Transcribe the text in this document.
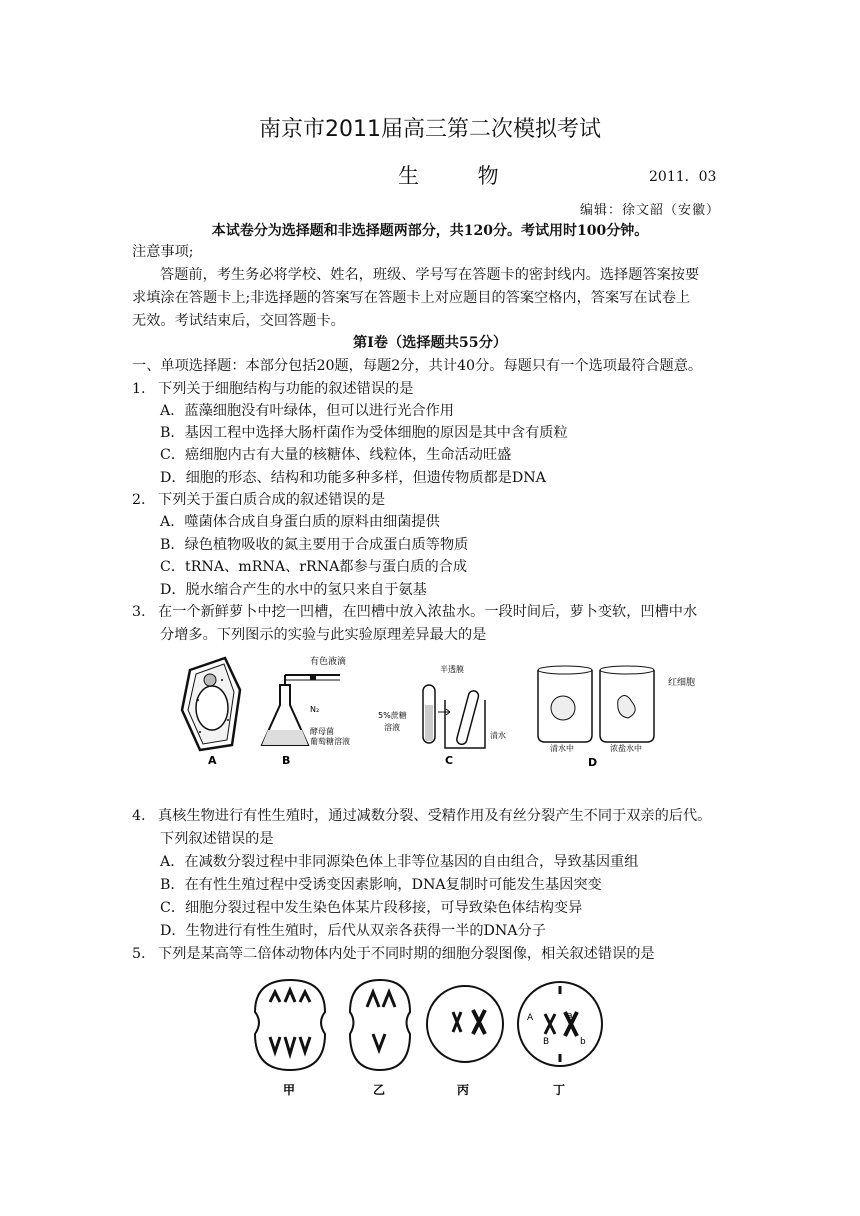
南京市2011届高三第二次模拟考试
生 物	2011．03
编辑：徐文韶（安徽）
本试卷分为选择题和非选择题两部分，共120分。考试用时100分钟。
注意事项;
答题前，考生务必将学校、姓名，班级、学号写在答题卡的密封线内。选择题答案按要
求填涂在答题卡上;非选择题的答案写在答题卡上对应题目的答案空格内，答案写在试卷上
无效。考试结束后，交回答题卡。
第Ⅰ卷（选择题共55分）
一、单项选择题：本部分包括20题，每题2分，共计40分。每题只有一个选项最符合题意。
1. 下列关于细胞结构与功能的叙述错误的是
A．蓝藻细胞没有叶绿体，但可以进行光合作用
B．基因工程中选择大肠杆菌作为受体细胞的原因是其中含有质粒
C．癌细胞内古有大量的核糖体、线粒体，生命活动旺盛
D．细胞的形态、结构和功能多种多样，但遗传物质都是DNA
2. 下列关于蛋白质合成的叙述错误的是
A．噬菌体合成自身蛋白质的原料由细菌提供
B．绿色植物吸收的氮主要用于合成蛋白质等物质
C．tRNA、mRNA、rRNA都参与蛋白质的合成
D．脱水缩合产生的水中的氢只来自于氨基
3. 在一个新鲜萝卜中挖一凹槽，在凹槽中放入浓盐水。一段时间后，萝卜变软，凹槽中水
分增多。下列图示的实验与此实验原理差异最大的是
A
有色液滴
N₂
酵母菌
葡萄糖溶液
B
半透膜
5%蔗糖
溶液
清水
C
红细胞
清水中	浓盐水中
D
4. 真核生物进行有性生殖时，通过减数分裂、受精作用及有丝分裂产生不同于双亲的后代。
下列叙述错误的是
A．在减数分裂过程中非同源染色体上非等位基因的自由组合，导致基因重组
B．在有性生殖过程中受诱变因素影响，DNA复制时可能发生基因突变
C．细胞分裂过程中发生染色体某片段移接，可导致染色体结构变异
D．生物进行有性生殖时，后代从双亲各获得一半的DNA分子
5. 下列是某高等二倍体动物体内处于不同时期的细胞分裂图像，相关叙述错误的是
甲	乙	丙
A	a
B	b
丁
